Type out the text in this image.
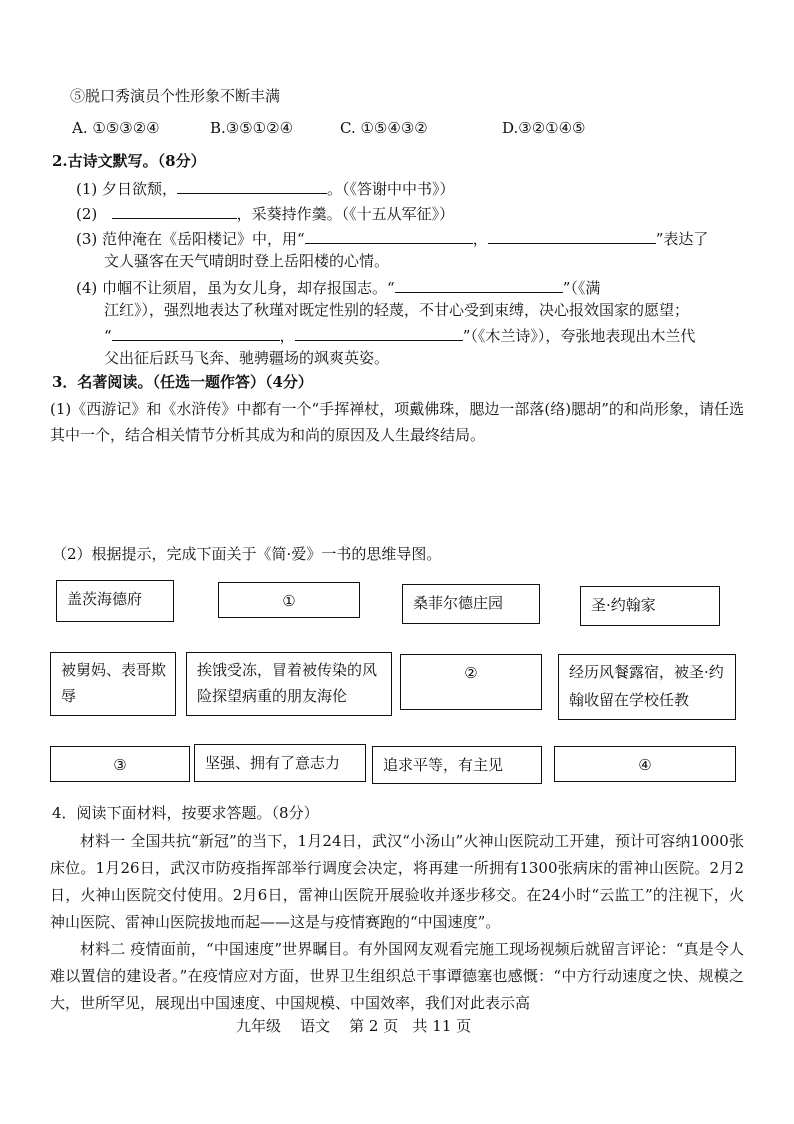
⑤脱口秀演员个性形象不断丰满
A. ①⑤③②④	B.③⑤①②④	C. ①⑤④③②	D.③②①④⑤
2.古诗文默写。（8分）
(1) 夕日欲颓，	。（《答谢中中书》）
(2)	，采葵持作羹。（《十五从军征》）
(3) 范仲淹在《岳阳楼记》中，用“	，	”表达了
文人骚客在天气晴朗时登上岳阳楼的心情。
(4) 巾帼不让须眉，虽为女儿身，却存报国志。“	”（《满
江红》），强烈地表达了秋瑾对既定性别的轻蔑，不甘心受到束缚，决心报效国家的愿望；
“	，	”（《木兰诗》），夸张地表现出木兰代
父出征后跃马飞奔、驰骋疆场的飒爽英姿。
3．名著阅读。（任选一题作答）（4分）
(1)《西游记》和《水浒传》中都有一个“手挥禅杖，项戴佛珠，腮边一部落(络)腮胡”的和尚形象，请任选其中一个，结合相关情节分析其成为和尚的原因及人生最终结局。
（2）根据提示，完成下面关于《简·爱》一书的思维导图。
盖茨海德府	①	桑菲尔德庄园	圣·约翰家
被舅妈、表哥欺辱
挨饿受冻，冒着被传染的风险探望病重的朋友海伦
②	经历风餐露宿，被圣·约翰收留在学校任教
③	坚强、拥有了意志力	追求平等，有主见	④
4．阅读下面材料，按要求答题。（8分）
材料一 全国共抗“新冠”的当下，1月24日，武汉“小汤山”火神山医院动工开建，预计可容纳1000张床位。1月26日，武汉市防疫指挥部举行调度会决定，将再建一所拥有1300张病床的雷神山医院。2月2日，火神山医院交付使用。2月6日，雷神山医院开展验收并逐步移交。在24小时“云监工”的注视下，火神山医院、雷神山医院拔地而起——这是与疫情赛跑的“中国速度”。
材料二 疫情面前，“中国速度”世界瞩目。有外国网友观看完施工现场视频后就留言评论：“真是令人难以置信的建设者。”在疫情应对方面，世界卫生组织总干事谭德塞也感慨：“中方行动速度之快、规模之大，世所罕见，展现出中国速度、中国规模、中国效率，我们对此表示高
九年级    语文    第 2 页   共 11 页
